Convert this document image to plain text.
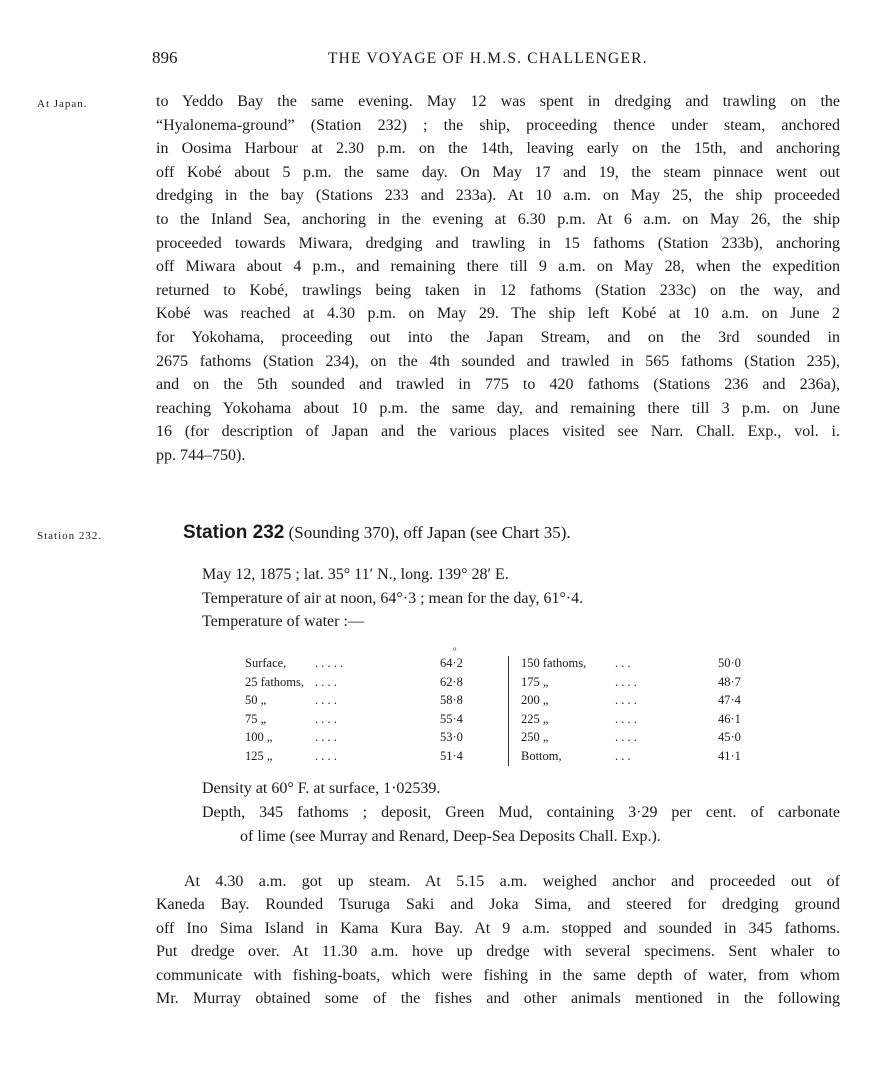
896	THE VOYAGE OF H.M.S. CHALLENGER.
At Japan.	to Yeddo Bay the same evening. May 12 was spent in dredging and trawling on the
“Hyalonema-ground” (Station 232) ; the ship, proceeding thence under steam, anchored
in Oosima Harbour at 2.30 p.m. on the 14th, leaving early on the 15th, and anchoring
off Kobé about 5 p.m. the same day. On May 17 and 19, the steam pinnace went out
dredging in the bay (Stations 233 and 233a). At 10 a.m. on May 25, the ship proceeded
to the Inland Sea, anchoring in the evening at 6.30 p.m. At 6 a.m. on May 26, the ship
proceeded towards Miwara, dredging and trawling in 15 fathoms (Station 233b), anchoring
off Miwara about 4 p.m., and remaining there till 9 a.m. on May 28, when the expedition
returned to Kobé, trawlings being taken in 12 fathoms (Station 233c) on the way, and
Kobé was reached at 4.30 p.m. on May 29. The ship left Kobé at 10 a.m. on June 2
for Yokohama, proceeding out into the Japan Stream, and on the 3rd sounded in
2675 fathoms (Station 234), on the 4th sounded and trawled in 565 fathoms (Station 235),
and on the 5th sounded and trawled in 775 to 420 fathoms (Stations 236 and 236a),
reaching Yokohama about 10 p.m. the same day, and remaining there till 3 p.m. on June
16 (for description of Japan and the various places visited see Narr. Chall. Exp., vol. i.
pp. 744–750).
Station 232.	Station 232 (Sounding 370), off Japan (see Chart 35).
May 12, 1875 ; lat. 35° 11′ N., long. 139° 28′ E.
Temperature of air at noon, 64°·3 ; mean for the day, 61°·4.
Temperature of water :—
°
Density at 60° F. at surface, 1·02539.
Depth, 345 fathoms ; deposit, Green Mud, containing 3·29 per cent. of carbonate
of lime (see Murray and Renard, Deep-Sea Deposits Chall. Exp.).
At 4.30 a.m. got up steam. At 5.15 a.m. weighed anchor and proceeded out of
Kaneda Bay. Rounded Tsuruga Saki and Joka Sima, and steered for dredging ground
off Ino Sima Island in Kama Kura Bay. At 9 a.m. stopped and sounded in 345 fathoms.
Put dredge over. At 11.30 a.m. hove up dredge with several specimens. Sent whaler to
communicate with fishing-boats, which were fishing in the same depth of water, from whom
Mr. Murray obtained some of the fishes and other animals mentioned in the following
Surface, . . . . .	64·2
25 fathoms, . . . .	62·8
50 „	. . . .	58·8
75 „	. . . .	55·4
100 „	. . . .	53·0
125 „	. . . .	51·4
150 fathoms, . . .	50·0
175 „	. . . .	48·7
200 „	. . . .	47·4
225 „	. . . .	46·1
250 „	. . . .	45·0
Bottom,	. . .	41·1
